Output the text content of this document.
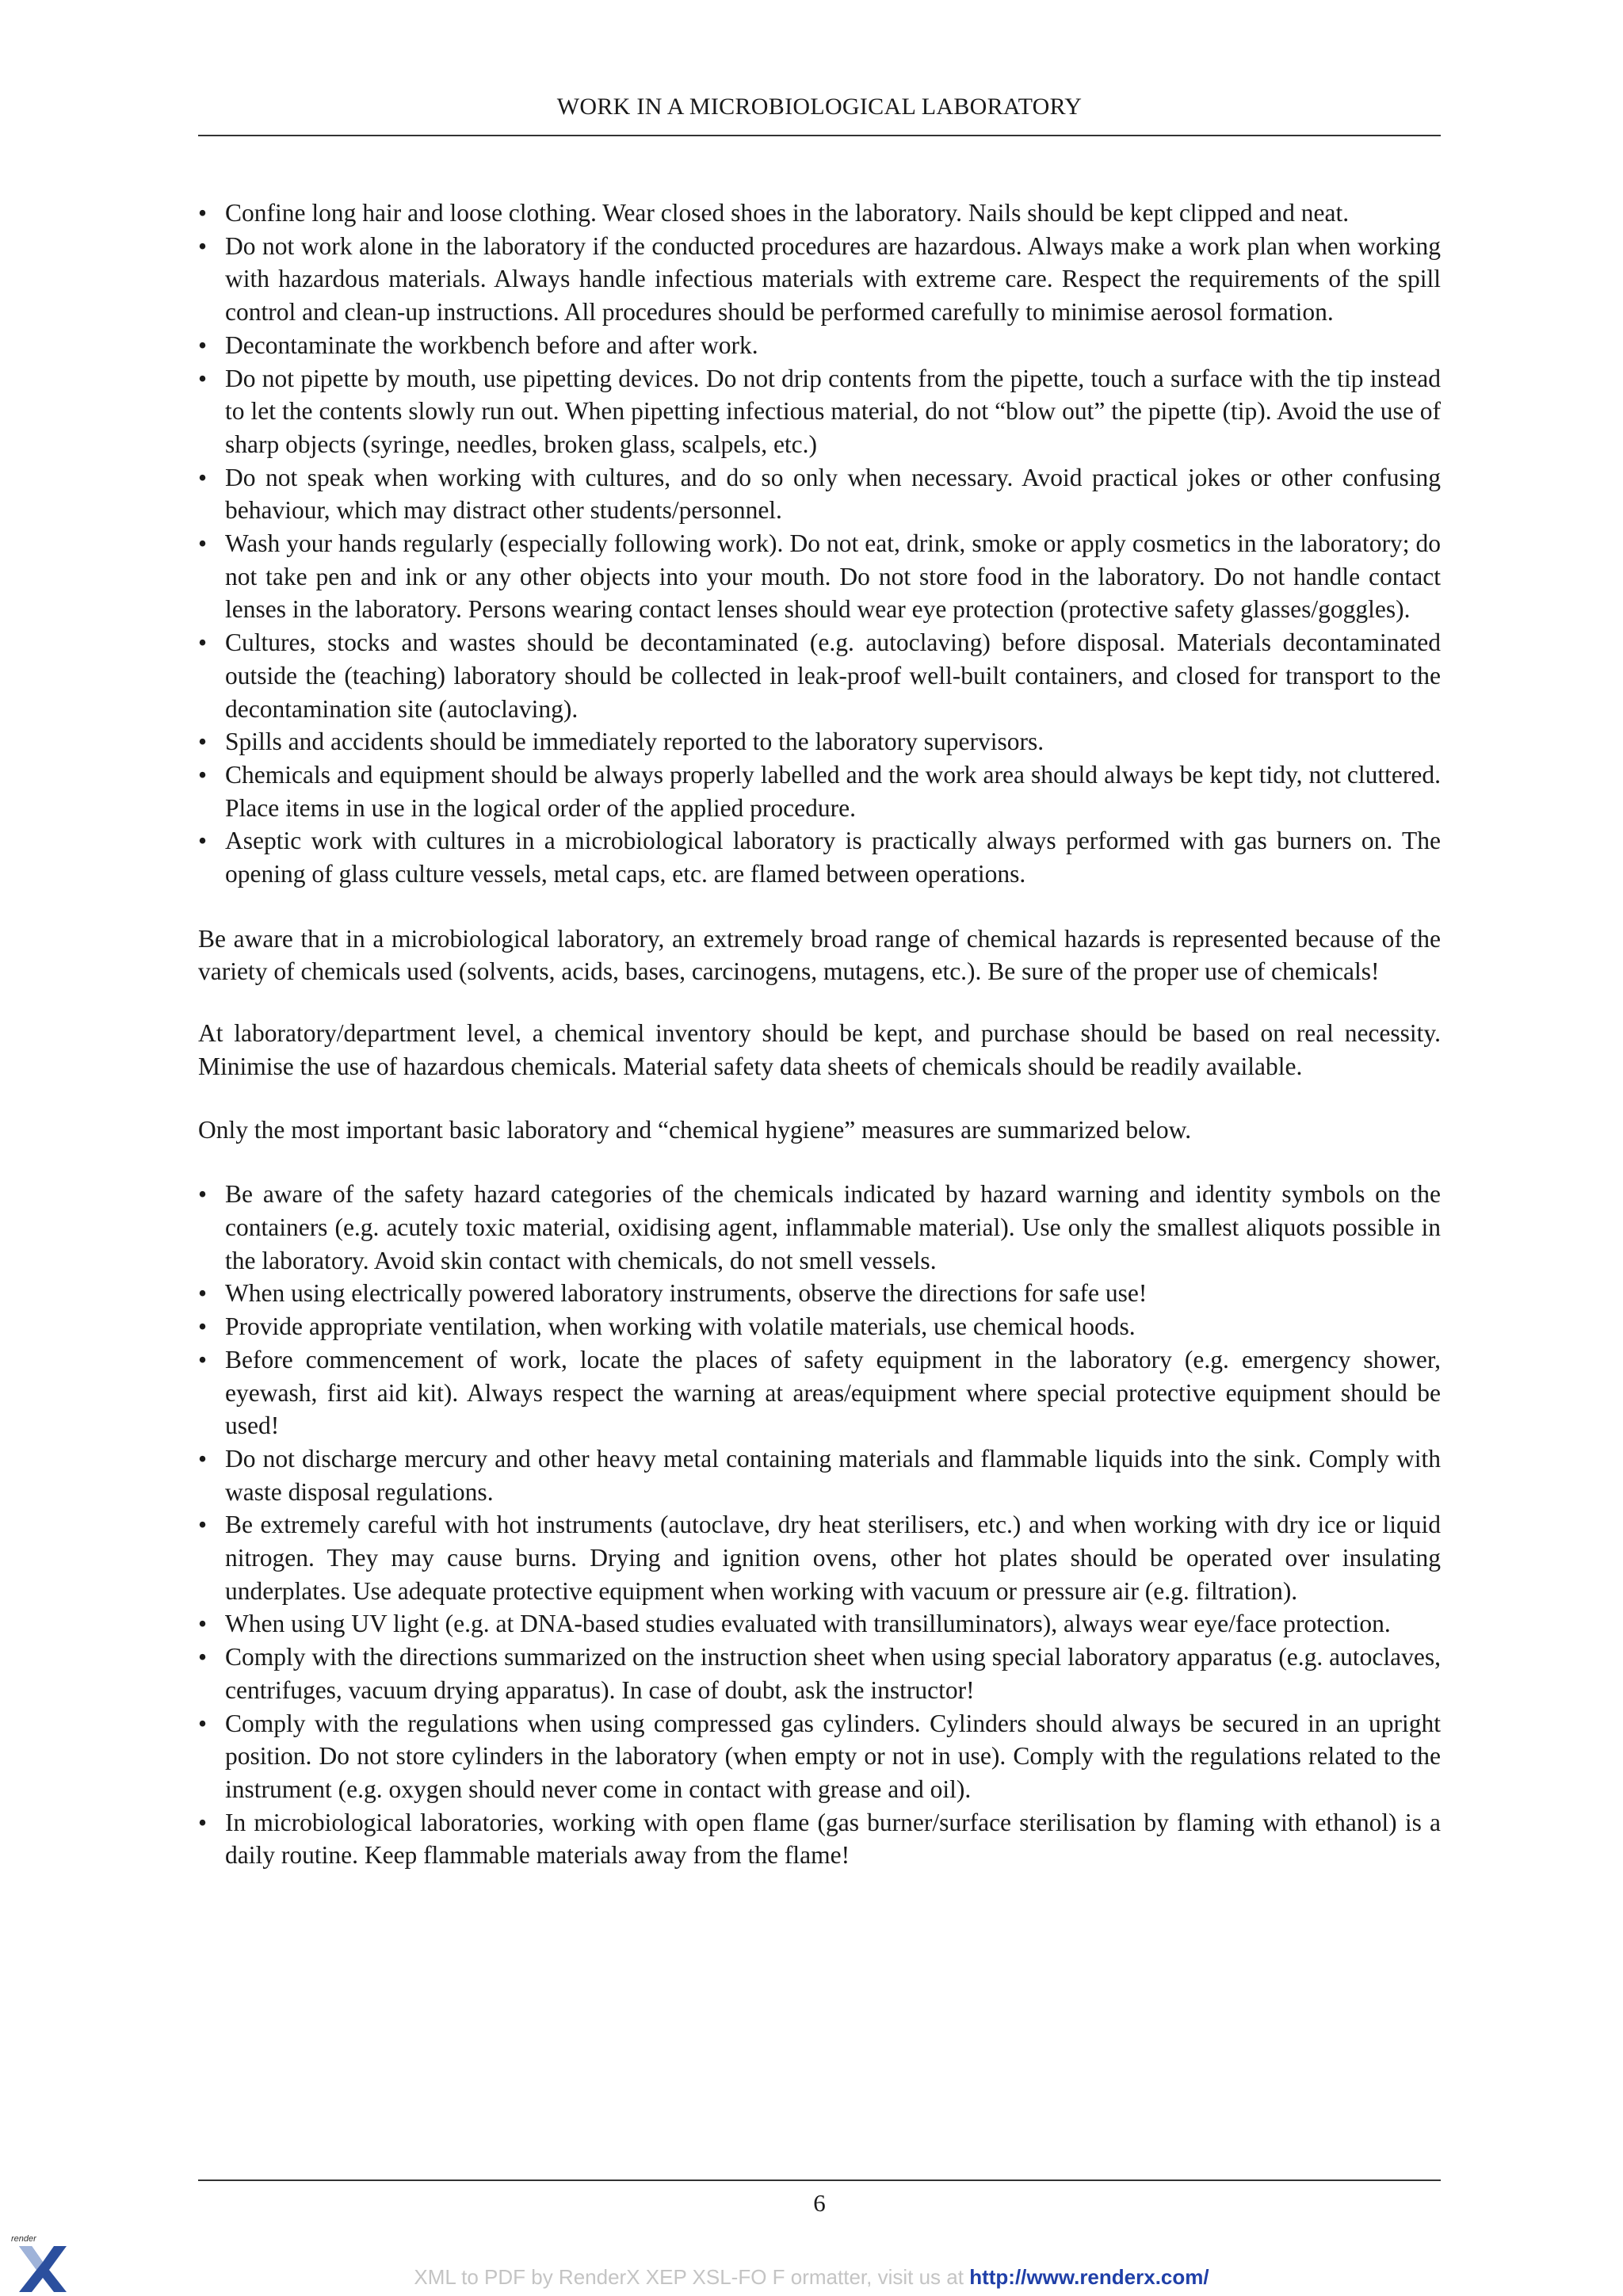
WORK IN A MICROBIOLOGICAL LABORATORY
• Confine long hair and loose clothing. Wear closed shoes in the laboratory. Nails should be kept clipped and neat.
• Do not work alone in the laboratory if the conducted procedures are hazardous. Always make a work plan when working with hazardous materials. Always handle infectious materials with extreme care. Respect the requirements of the spill control and clean-up instructions. All procedures should be performed carefully to minimise aerosol formation.
• Decontaminate the workbench before and after work.
• Do not pipette by mouth, use pipetting devices. Do not drip contents from the pipette, touch a surface with the tip instead to let the contents slowly run out. When pipetting infectious material, do not “blow out” the pipette (tip). Avoid the use of sharp objects (syringe, needles, broken glass, scalpels, etc.)
• Do not speak when working with cultures, and do so only when necessary. Avoid practical jokes or other confusing behaviour, which may distract other students/personnel.
• Wash your hands regularly (especially following work). Do not eat, drink, smoke or apply cosmetics in the laboratory; do not take pen and ink or any other objects into your mouth. Do not store food in the laboratory. Do not handle contact lenses in the laboratory. Persons wearing contact lenses should wear eye protection (protective safety glasses/goggles).
• Cultures, stocks and wastes should be decontaminated (e.g. autoclaving) before disposal. Materials decontaminated outside the (teaching) laboratory should be collected in leak-proof well-built containers, and closed for transport to the decontamination site (autoclaving).
• Spills and accidents should be immediately reported to the laboratory supervisors.
• Chemicals and equipment should be always properly labelled and the work area should always be kept tidy, not cluttered. Place items in use in the logical order of the applied procedure.
• Aseptic work with cultures in a microbiological laboratory is practically always performed with gas burners on. The opening of glass culture vessels, metal caps, etc. are flamed between operations.

Be aware that in a microbiological laboratory, an extremely broad range of chemical hazards is represented because of the variety of chemicals used (solvents, acids, bases, carcinogens, mutagens, etc.). Be sure of the proper use of chemicals!

At laboratory/department level, a chemical inventory should be kept, and purchase should be based on real necessity. Minimise the use of hazardous chemicals. Material safety data sheets of chemicals should be readily available.

Only the most important basic laboratory and “chemical hygiene” measures are summarized below.

• Be aware of the safety hazard categories of the chemicals indicated by hazard warning and identity symbols on the containers (e.g. acutely toxic material, oxidising agent, inflammable material). Use only the smallest aliquots possible in the laboratory. Avoid skin contact with chemicals, do not smell vessels.
• When using electrically powered laboratory instruments, observe the directions for safe use!
• Provide appropriate ventilation, when working with volatile materials, use chemical hoods.
• Before commencement of work, locate the places of safety equipment in the laboratory (e.g. emergency shower, eyewash, first aid kit). Always respect the warning at areas/equipment where special protective equipment should be used!
• Do not discharge mercury and other heavy metal containing materials and flammable liquids into the sink. Comply with waste disposal regulations.
• Be extremely careful with hot instruments (autoclave, dry heat sterilisers, etc.) and when working with dry ice or liquid nitrogen. They may cause burns. Drying and ignition ovens, other hot plates should be operated over insulating underplates. Use adequate protective equipment when working with vacuum or pressure air (e.g. filtration).
• When using UV light (e.g. at DNA-based studies evaluated with transilluminators), always wear eye/face protection.
• Comply with the directions summarized on the instruction sheet when using special laboratory apparatus (e.g. autoclaves, centrifuges, vacuum drying apparatus). In case of doubt, ask the instructor!
• Comply with the regulations when using compressed gas cylinders. Cylinders should always be secured in an upright position. Do not store cylinders in the laboratory (when empty or not in use). Comply with the regulations related to the instrument (e.g. oxygen should never come in contact with grease and oil).
• In microbiological laboratories, working with open flame (gas burner/surface sterilisation by flaming with ethanol) is a daily routine. Keep flammable materials away from the flame!
6
render
XML to PDF by RenderX XEP XSL-FO F ormatter, visit us at http://www.renderx.com/
